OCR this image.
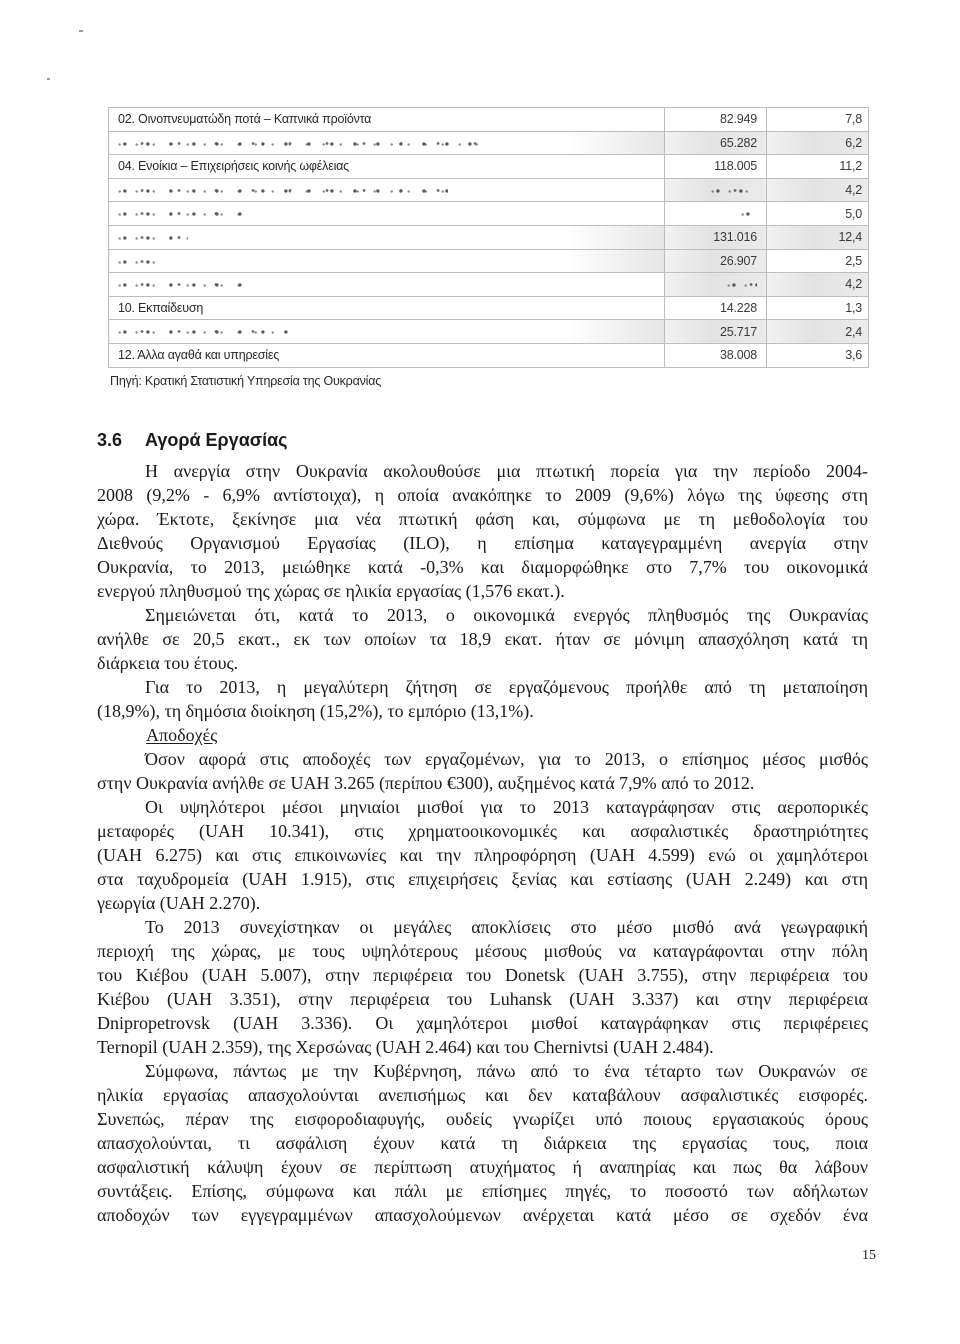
02. Οινοπνευματώδη ποτά – Καπνικά προϊόντα	82.949	7,8
	65.282	6,2
04. Ενοίκια – Επιχειρήσεις κοινής ωφέλειας	118.005	11,2
		4,2
		5,0
	131.016	12,4
	26.907	2,5
		4,2
10. Εκπαίδευση	14.228	1,3
	25.717	2,4
12. Άλλα αγαθά και υπηρεσίες	38.008	3,6
Πηγή: Κρατική Στατιστική Υπηρεσία της Ουκρανίας
3.6 Αγορά Εργασίας
Η ανεργία στην Ουκρανία ακολουθούσε μια πτωτική πορεία για την περίοδο 2004-
2008 (9,2% - 6,9% αντίστοιχα), η οποία ανακόπηκε το 2009 (9,6%) λόγω της ύφεσης στη
χώρα. Έκτοτε, ξεκίνησε μια νέα πτωτική φάση και, σύμφωνα με τη μεθοδολογία του
Διεθνούς Οργανισμού Εργασίας (ILO), η επίσημα καταγεγραμμένη ανεργία στην
Ουκρανία, το 2013, μειώθηκε κατά -0,3% και διαμορφώθηκε στο 7,7% του οικονομικά
ενεργού πληθυσμού της χώρας σε ηλικία εργασίας (1,576 εκατ.).
Σημειώνεται ότι, κατά το 2013, ο οικονομικά ενεργός πληθυσμός της Ουκρανίας
ανήλθε σε 20,5 εκατ., εκ των οποίων τα 18,9 εκατ. ήταν σε μόνιμη απασχόληση κατά τη
διάρκεια του έτους.
Για το 2013, η μεγαλύτερη ζήτηση σε εργαζόμενους προήλθε από τη μεταποίηση
(18,9%), τη δημόσια διοίκηση (15,2%), το εμπόριο (13,1%).
Αποδοχές
Όσον αφορά στις αποδοχές των εργαζομένων, για το 2013, ο επίσημος μέσος μισθός
στην Ουκρανία ανήλθε σε UAH 3.265 (περίπου €300), αυξημένος κατά 7,9% από το 2012.
Οι υψηλότεροι μέσοι μηνιαίοι μισθοί για το 2013 καταγράφησαν στις αεροπορικές
μεταφορές (UAH 10.341), στις χρηματοοικονομικές και ασφαλιστικές δραστηριότητες
(UAH 6.275) και στις επικοινωνίες και την πληροφόρηση (UAH 4.599) ενώ οι χαμηλότεροι
στα ταχυδρομεία (UAH 1.915), στις επιχειρήσεις ξενίας και εστίασης (UAH 2.249) και στη
γεωργία (UAH 2.270).
Το 2013 συνεχίστηκαν οι μεγάλες αποκλίσεις στο μέσο μισθό ανά γεωγραφική
περιοχή της χώρας, με τους υψηλότερους μέσους μισθούς να καταγράφονται στην πόλη
του Κιέβου (UAH 5.007), στην περιφέρεια του Donetsk (UAH 3.755), στην περιφέρεια του
Κιέβου (UAH 3.351), στην περιφέρεια του Luhansk (UAH 3.337) και στην περιφέρεια
Dnipropetrovsk (UAH 3.336). Οι χαμηλότεροι μισθοί καταγράφηκαν στις περιφέρειες
Ternopil (UAH 2.359), της Χερσώνας (UAH 2.464) και του Chernivtsi (UAH 2.484).
Σύμφωνα, πάντως με την Κυβέρνηση, πάνω από το ένα τέταρτο των Ουκρανών σε
ηλικία εργασίας απασχολούνται ανεπισήμως και δεν καταβάλουν ασφαλιστικές εισφορές.
Συνεπώς, πέραν της εισφοροδιαφυγής, ουδείς γνωρίζει υπό ποιους εργασιακούς όρους
απασχολούνται, τι ασφάλιση έχουν κατά τη διάρκεια της εργασίας τους, ποια
ασφαλιστική κάλυψη έχουν σε περίπτωση ατυχήματος ή αναπηρίας και πως θα λάβουν
συντάξεις. Επίσης, σύμφωνα και πάλι με επίσημες πηγές, το ποσοστό των αδήλωτων
αποδοχών των εγγεγραμμένων απασχολούμενων ανέρχεται κατά μέσο σε σχεδόν ένα
15
